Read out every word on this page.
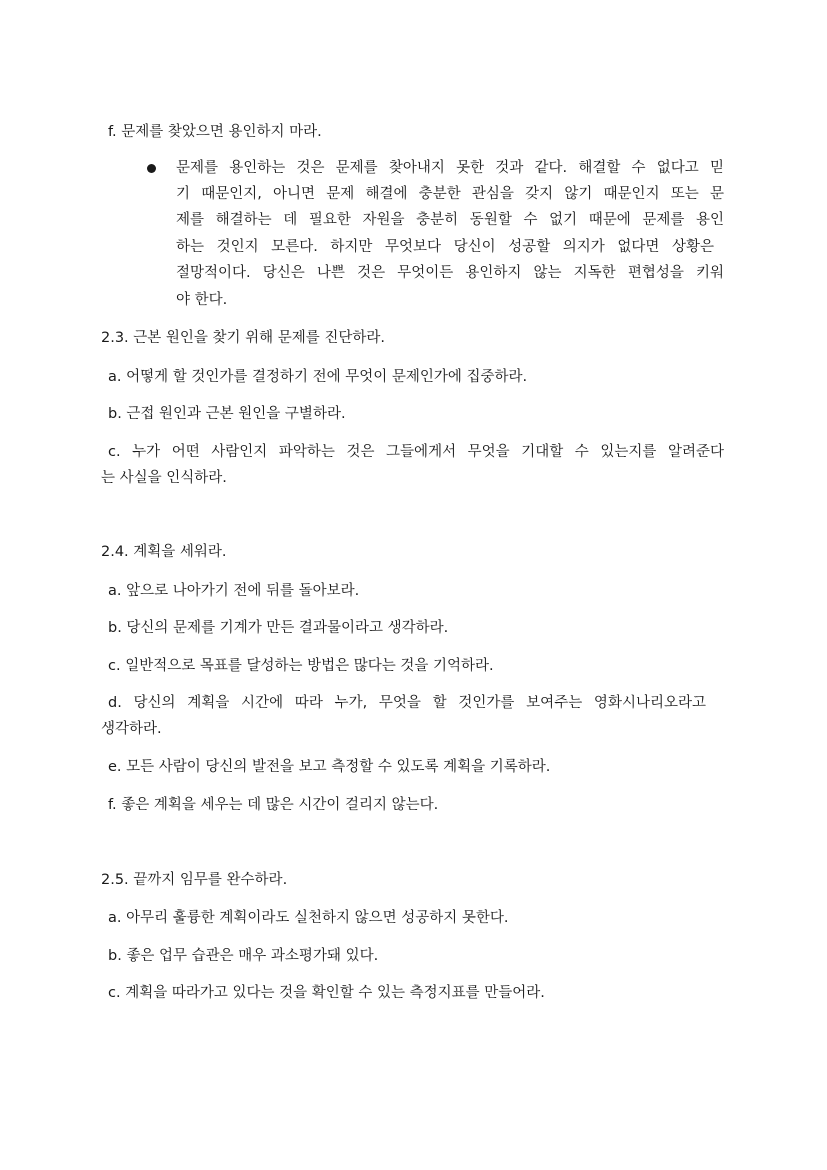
f. 문제를 찾았으면 용인하지 마라.
문제를 용인하는 것은 문제를 찾아내지 못한 것과 같다. 해결할 수 없다고 믿
기 때문인지, 아니면 문제 해결에 충분한 관심을 갖지 않기 때문인지 또는 문
제를 해결하는 데 필요한 자원을 충분히 동원할 수 없기 때문에 문제를 용인
하는 것인지 모른다. 하지만 무엇보다 당신이 성공할 의지가 없다면 상황은
절망적이다. 당신은 나쁜 것은 무엇이든 용인하지 않는 지독한 편협성을 키워
야 한다.
2.3. 근본 원인을 찾기 위해 문제를 진단하라.
a. 어떻게 할 것인가를 결정하기 전에 무엇이 문제인가에 집중하라.
b. 근접 원인과 근본 원인을 구별하라.
c. 누가 어떤 사람인지 파악하는 것은 그들에게서 무엇을 기대할 수 있는지를 알려준다
는 사실을 인식하라.
2.4. 계획을 세워라.
a. 앞으로 나아가기 전에 뒤를 돌아보라.
b. 당신의 문제를 기계가 만든 결과물이라고 생각하라.
c. 일반적으로 목표를 달성하는 방법은 많다는 것을 기억하라.
d. 당신의 계획을 시간에 따라 누가, 무엇을 할 것인가를 보여주는 영화시나리오라고
생각하라.
e. 모든 사람이 당신의 발전을 보고 측정할 수 있도록 계획을 기록하라.
f. 좋은 계획을 세우는 데 많은 시간이 걸리지 않는다.
2.5. 끝까지 임무를 완수하라.
a. 아무리 훌륭한 계획이라도 실천하지 않으면 성공하지 못한다.
b. 좋은 업무 습관은 매우 과소평가돼 있다.
c. 계획을 따라가고 있다는 것을 확인할 수 있는 측정지표를 만들어라.
